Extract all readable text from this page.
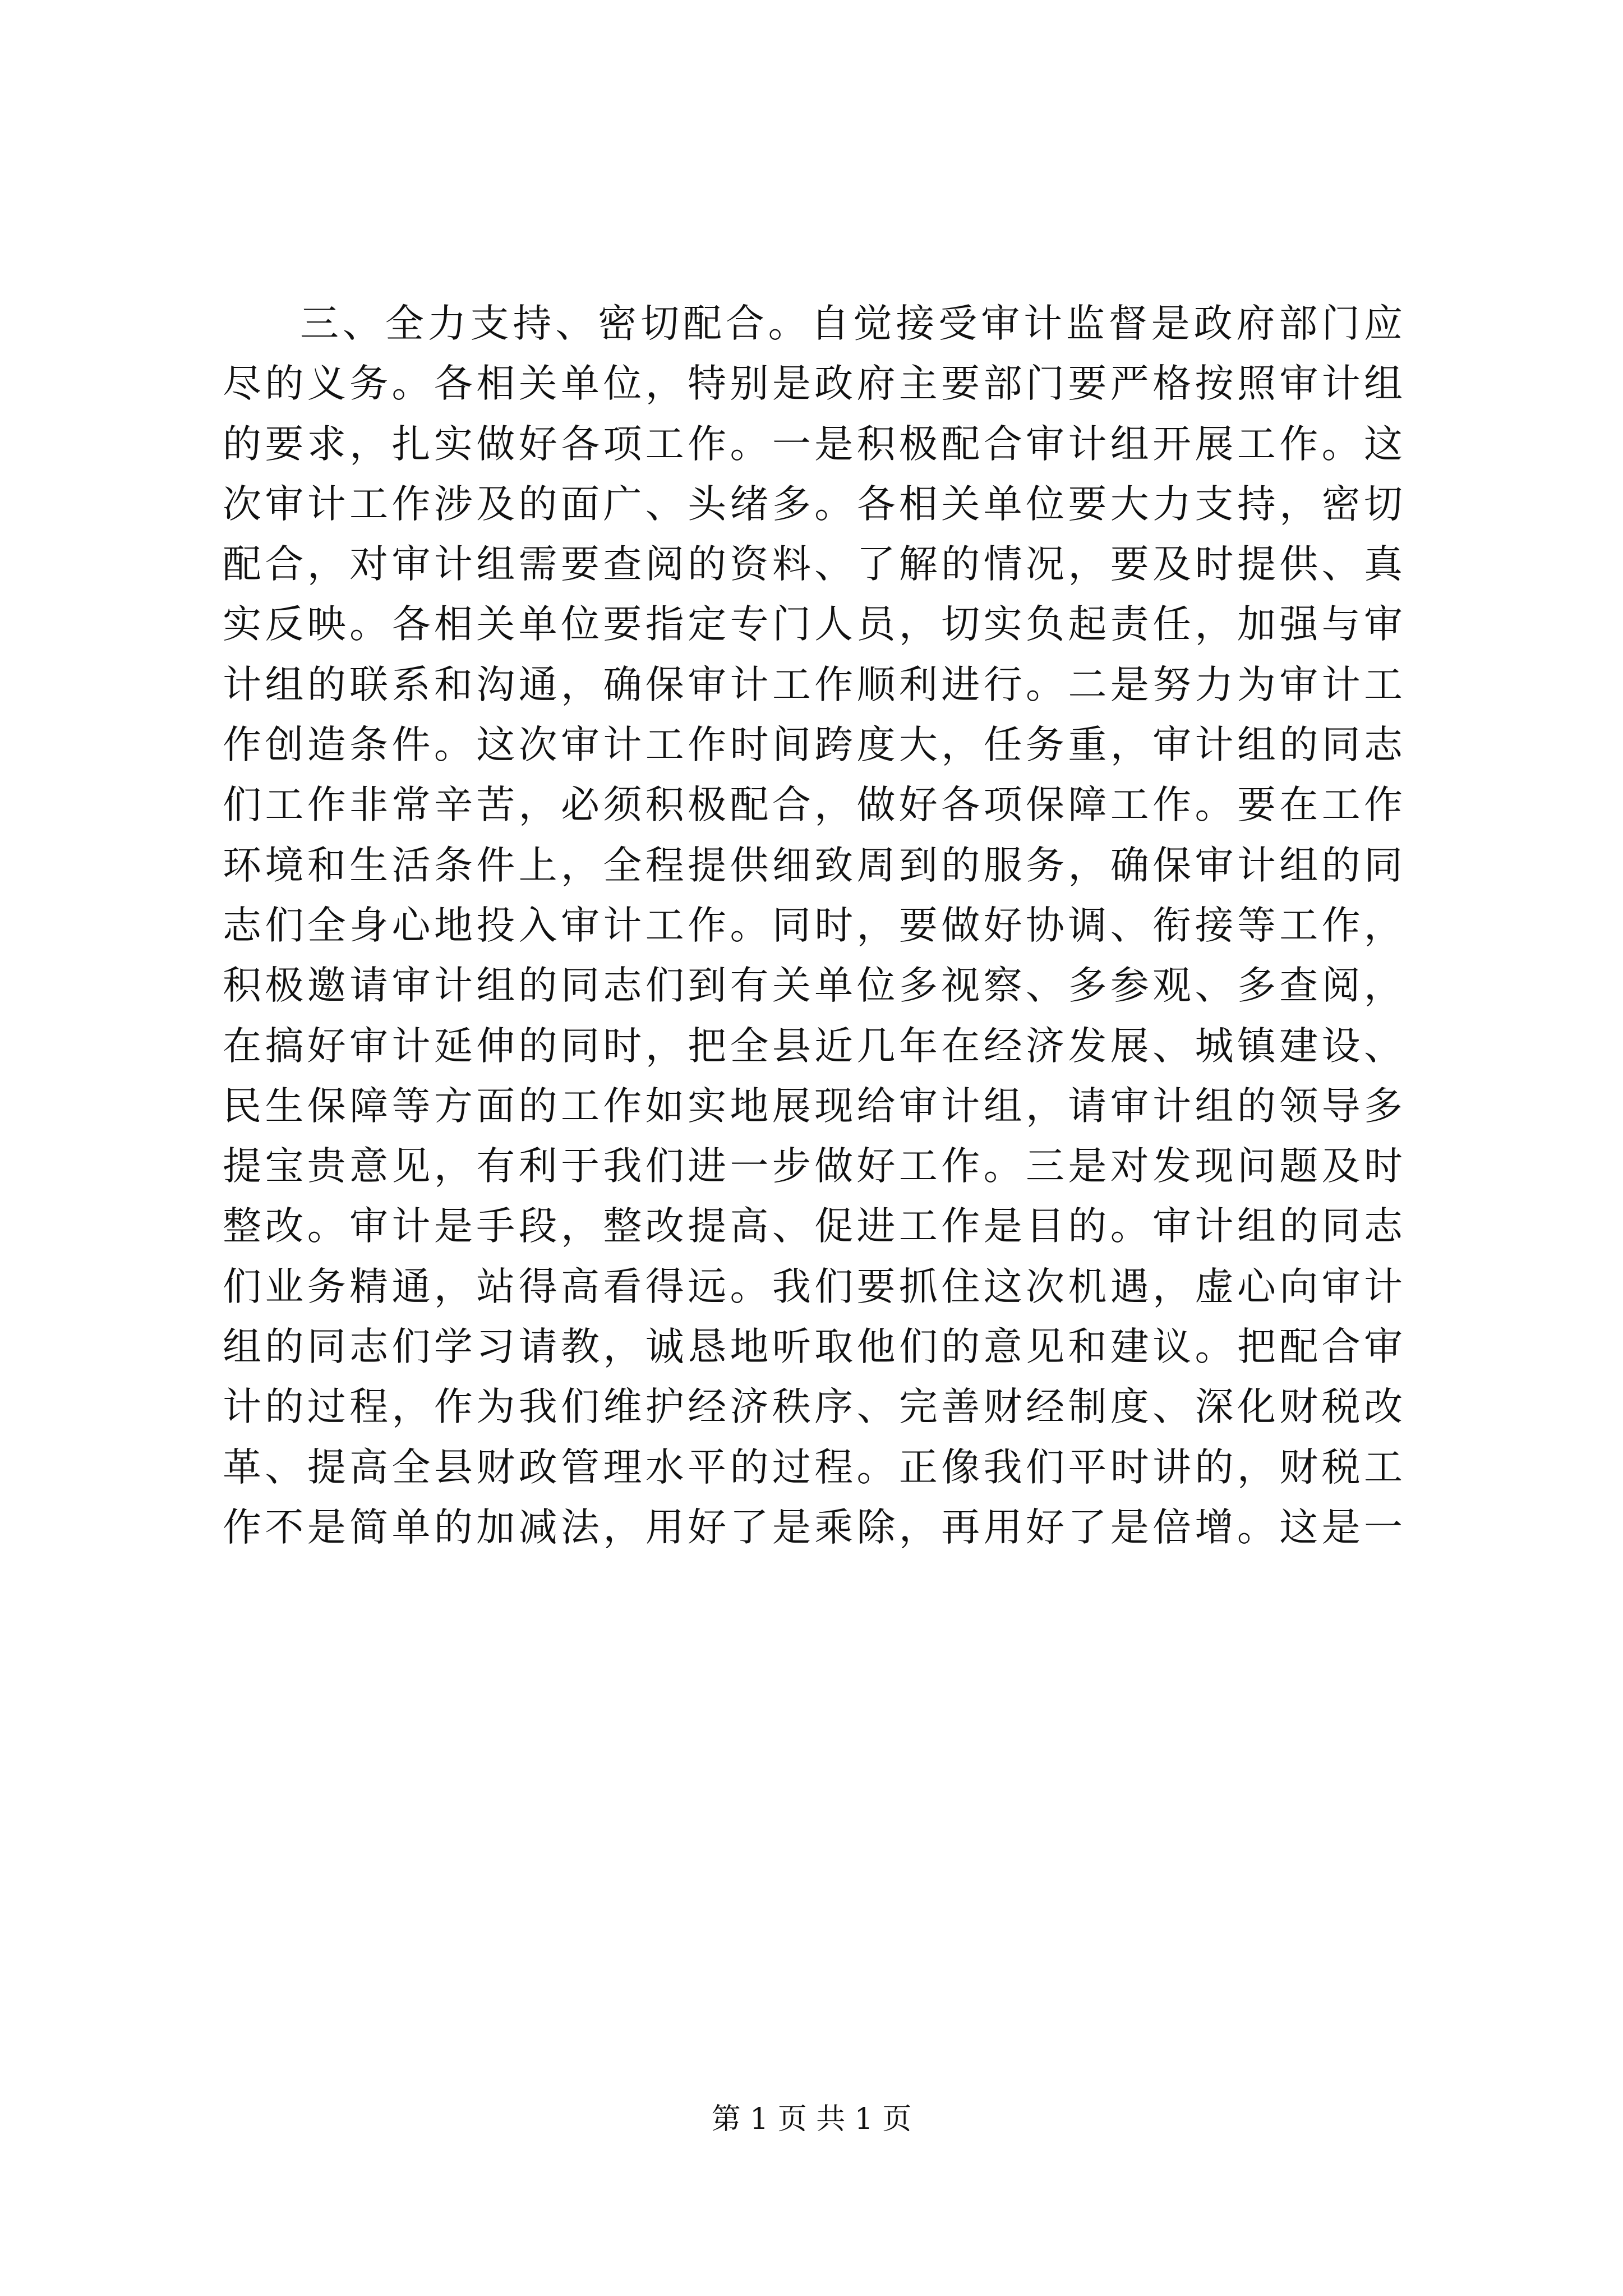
三、全力支持、密切配合。自觉接受审计监督是政府部门应
尽的义务。各相关单位，特别是政府主要部门要严格按照审计组
的要求，扎实做好各项工作。一是积极配合审计组开展工作。这
次审计工作涉及的面广、头绪多。各相关单位要大力支持，密切
配合，对审计组需要查阅的资料、了解的情况，要及时提供、真
实反映。各相关单位要指定专门人员，切实负起责任，加强与审
计组的联系和沟通，确保审计工作顺利进行。二是努力为审计工
作创造条件。这次审计工作时间跨度大，任务重，审计组的同志
们工作非常辛苦，必须积极配合，做好各项保障工作。要在工作
环境和生活条件上，全程提供细致周到的服务，确保审计组的同
志们全身心地投入审计工作。同时，要做好协调、衔接等工作，
积极邀请审计组的同志们到有关单位多视察、多参观、多查阅，
在搞好审计延伸的同时，把全县近几年在经济发展、城镇建设、
民生保障等方面的工作如实地展现给审计组，请审计组的领导多
提宝贵意见，有利于我们进一步做好工作。三是对发现问题及时
整改。审计是手段，整改提高、促进工作是目的。审计组的同志
们业务精通，站得高看得远。我们要抓住这次机遇，虚心向审计
组的同志们学习请教，诚恳地听取他们的意见和建议。把配合审
计的过程，作为我们维护经济秩序、完善财经制度、深化财税改
革、提高全县财政管理水平的过程。正像我们平时讲的，财税工
作不是简单的加减法，用好了是乘除，再用好了是倍增。这是一
第 1 页 共 1 页
